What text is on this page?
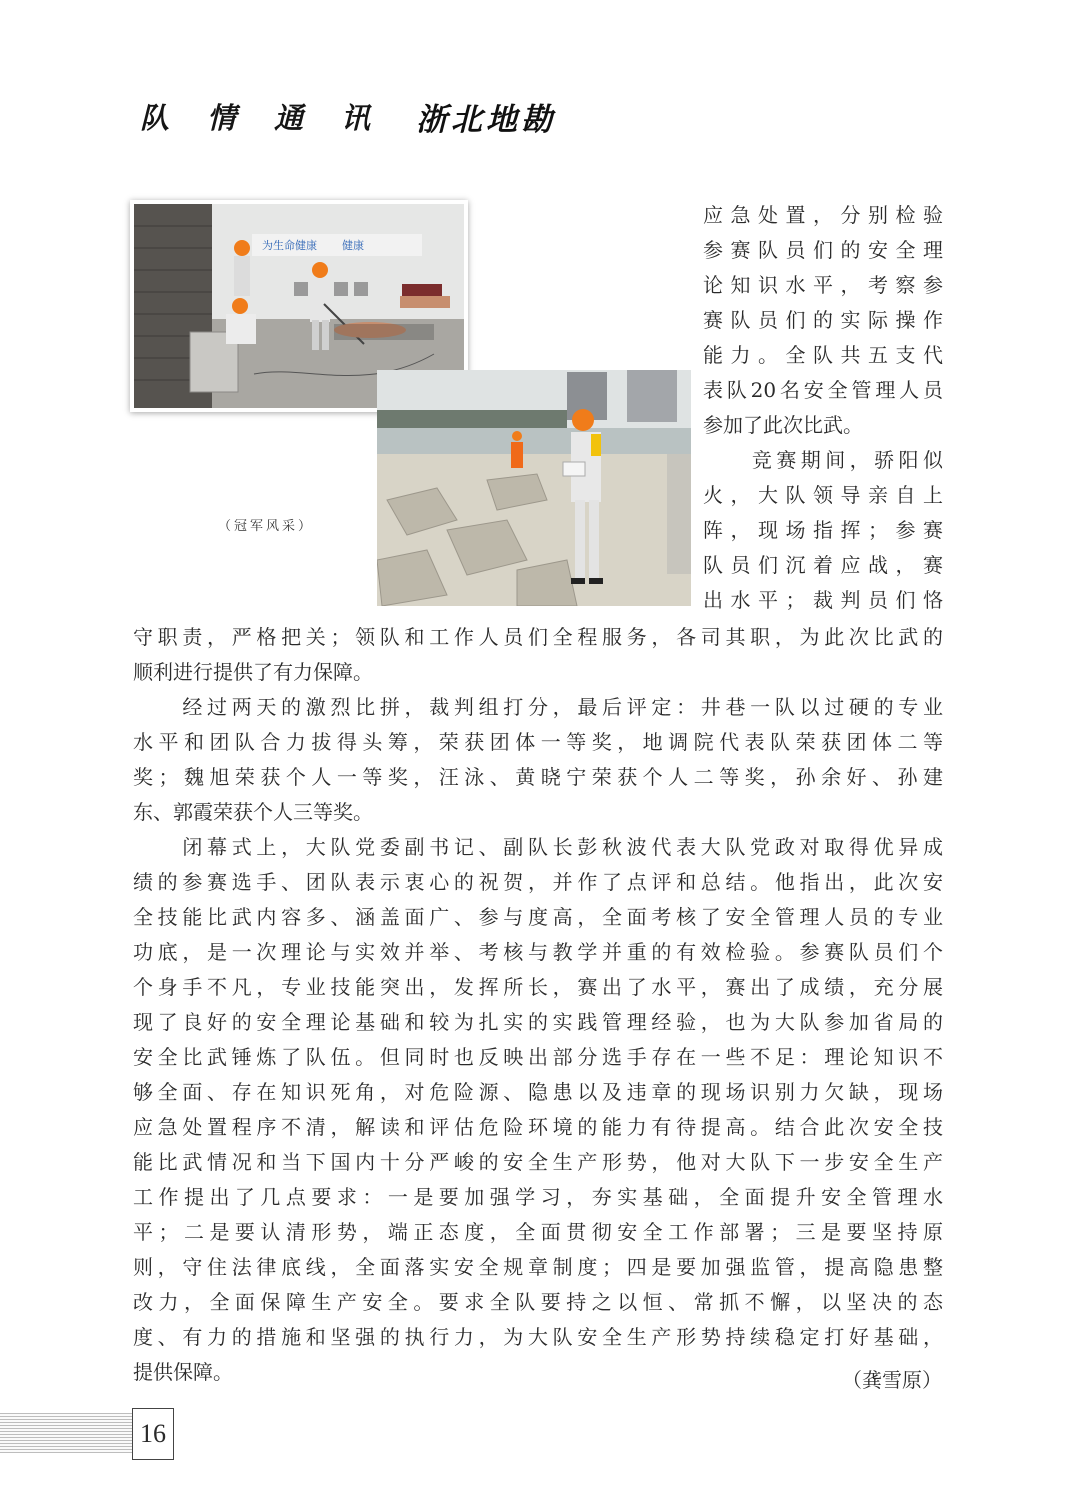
队 情 通 讯 浙北地勘
为生命健康 健康
（冠军风采）
应急处置，分别检验
参赛队员们的安全理
论知识水平，考察参
赛队员们的实际操作
能力。全队共五支代
表队20名安全管理人员
参加了此次比武。
　　竞赛期间，骄阳似
火，大队领导亲自上
阵，现场指挥；参赛
队员们沉着应战，赛
出水平；裁判员们恪
守职责，严格把关；领队和工作人员们全程服务，各司其职，为此次比武的
顺利进行提供了有力保障。
　　经过两天的激烈比拼，裁判组打分，最后评定：井巷一队以过硬的专业
水平和团队合力拔得头筹，荣获团体一等奖，地调院代表队荣获团体二等
奖；魏旭荣获个人一等奖，汪泳、黄晓宁荣获个人二等奖，孙余好、孙建
东、郭霞荣获个人三等奖。
　　闭幕式上，大队党委副书记、副队长彭秋波代表大队党政对取得优异成
绩的参赛选手、团队表示衷心的祝贺，并作了点评和总结。他指出，此次安
全技能比武内容多、涵盖面广、参与度高，全面考核了安全管理人员的专业
功底，是一次理论与实效并举、考核与教学并重的有效检验。参赛队员们个
个身手不凡，专业技能突出，发挥所长，赛出了水平，赛出了成绩，充分展
现了良好的安全理论基础和较为扎实的实践管理经验，也为大队参加省局的
安全比武锤炼了队伍。但同时也反映出部分选手存在一些不足：理论知识不
够全面、存在知识死角，对危险源、隐患以及违章的现场识别力欠缺，现场
应急处置程序不清，解读和评估危险环境的能力有待提高。结合此次安全技
能比武情况和当下国内十分严峻的安全生产形势，他对大队下一步安全生产
工作提出了几点要求：一是要加强学习，夯实基础，全面提升安全管理水
平；二是要认清形势，端正态度，全面贯彻安全工作部署；三是要坚持原
则，守住法律底线，全面落实安全规章制度；四是要加强监管，提高隐患整
改力，全面保障生产安全。要求全队要持之以恒、常抓不懈，以坚决的态
度、有力的措施和坚强的执行力，为大队安全生产形势持续稳定打好基础，
提供保障。	（龚雪原）
16
